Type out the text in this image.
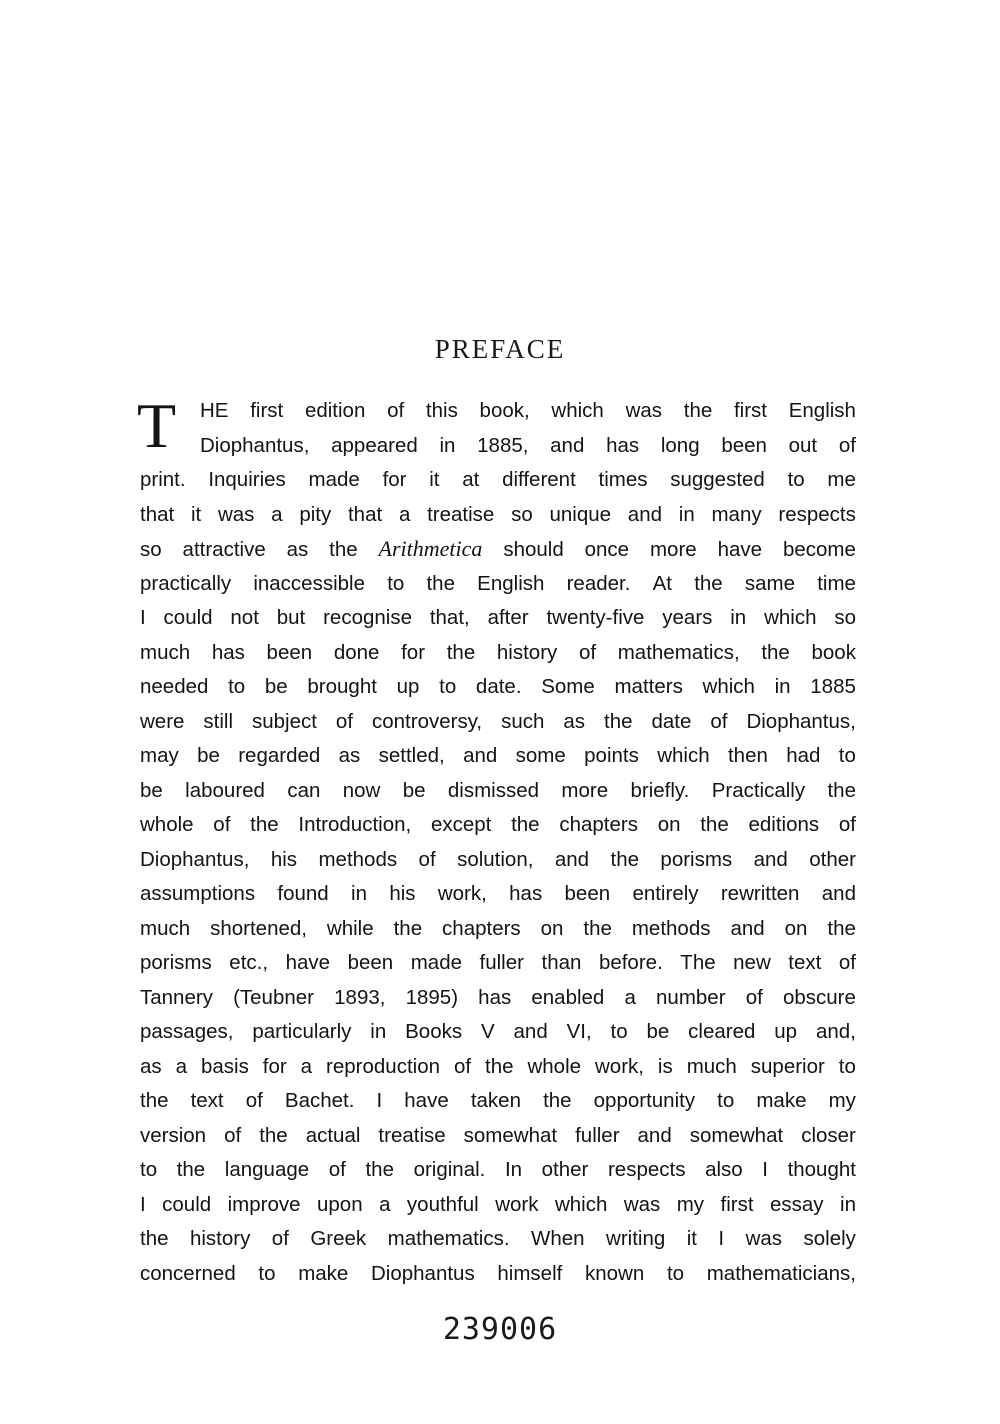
PREFACE
T HE first edition of this book, which was the first English
Diophantus, appeared in 1885, and has long been out of
print. Inquiries made for it at different times suggested to me
that it was a pity that a treatise so unique and in many respects
so attractive as the Arithmetica should once more have become
practically inaccessible to the English reader. At the same time
I could not but recognise that, after twenty-five years in which so
much has been done for the history of mathematics, the book
needed to be brought up to date. Some matters which in 1885
were still subject of controversy, such as the date of Diophantus,
may be regarded as settled, and some points which then had to
be laboured can now be dismissed more briefly. Practically the
whole of the Introduction, except the chapters on the editions of
Diophantus, his methods of solution, and the porisms and other
assumptions found in his work, has been entirely rewritten and
much shortened, while the chapters on the methods and on the
porisms etc., have been made fuller than before. The new text of
Tannery (Teubner 1893, 1895) has enabled a number of obscure
passages, particularly in Books V and VI, to be cleared up and,
as a basis for a reproduction of the whole work, is much superior to
the text of Bachet. I have taken the opportunity to make my
version of the actual treatise somewhat fuller and somewhat closer
to the language of the original. In other respects also I thought
I could improve upon a youthful work which was my first essay in
the history of Greek mathematics. When writing it I was solely
concerned to make Diophantus himself known to mathematicians,
239006
